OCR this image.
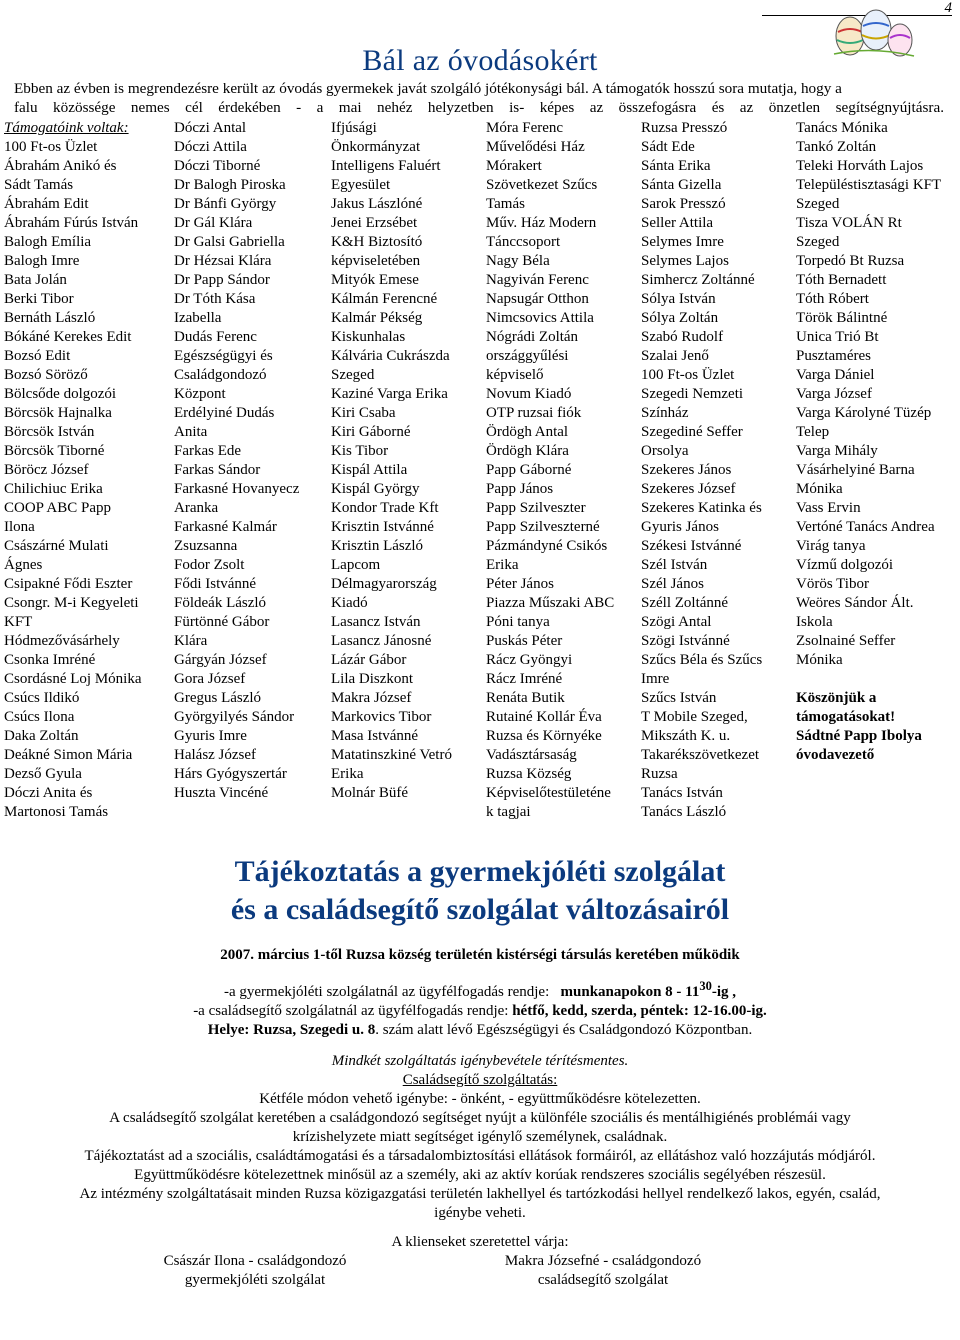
4
Bál az óvodásokért
Ebben az évben is megrendezésre került az óvodás gyermekek javát szolgáló jótékonysági bál. A támogatók hosszú sora mutatja, hogy a
falu közössége nemes cél érdekében - a mai nehéz helyzetben is- képes az összefogásra és az önzetlen segítségnyújtásra.
Támogatóink voltak:
100 Ft-os Üzlet
Ábrahám Anikó és
Sádt Tamás
Ábrahám Edit
Ábrahám Fúrús István
Balogh Emília
Balogh Imre
Bata Jolán
Berki Tibor
Bernáth László
Bókáné Kerekes Edit
Bozsó Edit
Bozsó Söröző
Bölcsőde dolgozói
Börcsök Hajnalka
Börcsök István
Börcsök Tiborné
Böröcz József
Chilichiuc Erika
COOP ABC Papp
Ilona
Császárné Mulati
Ágnes
Csipakné Fődi Eszter
Csongr. M-i Kegyeleti
KFT
Hódmezővásárhely
Csonka Imréné
Csordásné Loj Mónika
Csúcs Ildikó
Csúcs Ilona
Daka Zoltán
Deákné Simon Mária
Dezső Gyula
Dóczi Anita és
Martonosi Tamás
Dóczi Antal
Dóczi Attila
Dóczi Tiborné
Dr Balogh Piroska
Dr Bánfi György
Dr Gál Klára
Dr Galsi Gabriella
Dr Hézsai Klára
Dr Papp Sándor
Dr Tóth Kása
Izabella
Dudás Ferenc
Egészségügyi és
Családgondozó
Központ
Erdélyiné Dudás
Anita
Farkas Ede
Farkas Sándor
Farkasné Hovanyecz
Aranka
Farkasné Kalmár
Zsuzsanna
Fodor Zsolt
Fődi Istvánné
Földeák László
Fürtönné Gábor
Klára
Gárgyán József
Gora József
Gregus László
Györgyilyés Sándor
Gyuris Imre
Halász József
Hárs Gyógyszertár
Huszta Vincéné
Ifjúsági
Önkormányzat
Intelligens Faluért
Egyesület
Jakus Lászlóné
Jenei Erzsébet
K&H Biztosító
képviseletében
Mityók Emese
Kálmán Ferencné
Kalmár Pékség
Kiskunhalas
Kálvária Cukrászda
Szeged
Kaziné Varga Erika
Kiri Csaba
Kiri Gáborné
Kis Tibor
Kispál Attila
Kispál György
Kondor Trade Kft
Krisztin Istvánné
Krisztin László
Lapcom
Délmagyarország
Kiadó
Lasancz István
Lasancz Jánosné
Lázár Gábor
Lila Diszkont
Makra József
Markovics Tibor
Masa Istvánné
Matatinszkiné Vetró
Erika
Molnár Büfé
Móra Ferenc
Művelődési Ház
Mórakert
Szövetkezet Szűcs
Tamás
Műv. Ház Modern
Tánccsoport
Nagy Béla
Nagyiván Ferenc
Napsugár Otthon
Nimcsovics Attila
Nógrádi Zoltán
országgyűlési
képviselő
Novum Kiadó
OTP ruzsai fiók
Ördögh Antal
Ördögh Klára
Papp Gáborné
Papp János
Papp Szilveszter
Papp Szilveszterné
Pázmándyné Csikós
Erika
Péter János
Piazza Műszaki ABC
Póni tanya
Puskás Péter
Rácz Gyöngyi
Rácz Imréné
Renáta Butik
Rutainé Kollár Éva
Ruzsa és Környéke
Vadásztársaság
Ruzsa Község
Képviselőtestületéne
k tagjai
Ruzsa Presszó
Sádt Ede
Sánta Erika
Sánta Gizella
Sarok Presszó
Seller Attila
Selymes Imre
Selymes Lajos
Simhercz Zoltánné
Sólya István
Sólya Zoltán
Szabó Rudolf
Szalai Jenő
100 Ft-os Üzlet
Szegedi Nemzeti
Színház
Szegediné Seffer
Orsolya
Szekeres János
Szekeres József
Szekeres Katinka és
Gyuris János
Székesi Istvánné
Szél István
Szél János
Széll Zoltánné
Szögi Antal
Szögi Istvánné
Szűcs Béla és Szűcs
Imre
Szűcs István
T Mobile Szeged,
Mikszáth K. u.
Takarékszövetkezet
Ruzsa
Tanács István
Tanács László
Tanács Mónika
Tankó Zoltán
Teleki Horváth Lajos
Településtisztasági KFT
Szeged
Tisza VOLÁN Rt
Szeged
Torpedó Bt Ruzsa
Tóth Bernadett
Tóth Róbert
Török Bálintné
Unica Trió Bt
Pusztaméres
Varga Dániel
Varga József
Varga Károlyné Tüzép
Telep
Varga Mihály
Vásárhelyiné Barna
Mónika
Vass Ervin
Vertóné Tanács Andrea
Virág tanya
Vízmű dolgozói
Vörös Tibor
Weöres Sándor Ált.
Iskola
Zsolnainé Seffer
Mónika
Köszönjük a
támogatásokat!
Sádtné Papp Ibolya
óvodavezető
Tájékoztatás a gyermekjóléti szolgálat
és a családsegítő szolgálat változásairól

2007. március 1-től Ruzsa község területén kistérségi társulás keretében működik

-a gyermekjóléti szolgálatnál az ügyfélfogadás rendje: munkanapokon $8 - 11^{30}-ig$ ,

-a családsegítő szolgálatnál az ügyfélfogadás rendje: hétfő, kedd, szerda, péntek: 12-16.00-ig.

Helye: Ruzsa, Szegedi u. 8. szám alatt lévő Egészségügyi és Családgondozó Központban.

Mindkét szolgáltatás igénybevétele térítésmentes.

Családsegítő szolgáltatás:

Kétféle módon vehető igénybe: - önként, - együttműködésre kötelezetten.

A családsegítő szolgálat keretében a családgondozó segítséget nyújt a különféle szociális és mentálhigiénés problémái vagy

krízishelyzete miatt segítséget igénylő személynek, családnak.

Tájékoztatást ad a szociális, családtámogatási és a társadalombiztosítási ellátások formáiról, az ellátáshoz való hozzájutás módjáról.

Együttműködésre kötelezettnek minősül az a személy, aki az aktív korúak rendszeres szociális segélyében részesül.

Az intézmény szolgáltatásait minden Ruzsa közigazgatási területén lakhellyel és tartózkodási hellyel rendelkező lakos, egyén, család,

igénybe veheti.

A klienseket szeretettel várja:

Császár Ilona - családgondozó
gyermekjóléti szolgálat
Makra Józsefné - családgondozó
családsegítő szolgálat
